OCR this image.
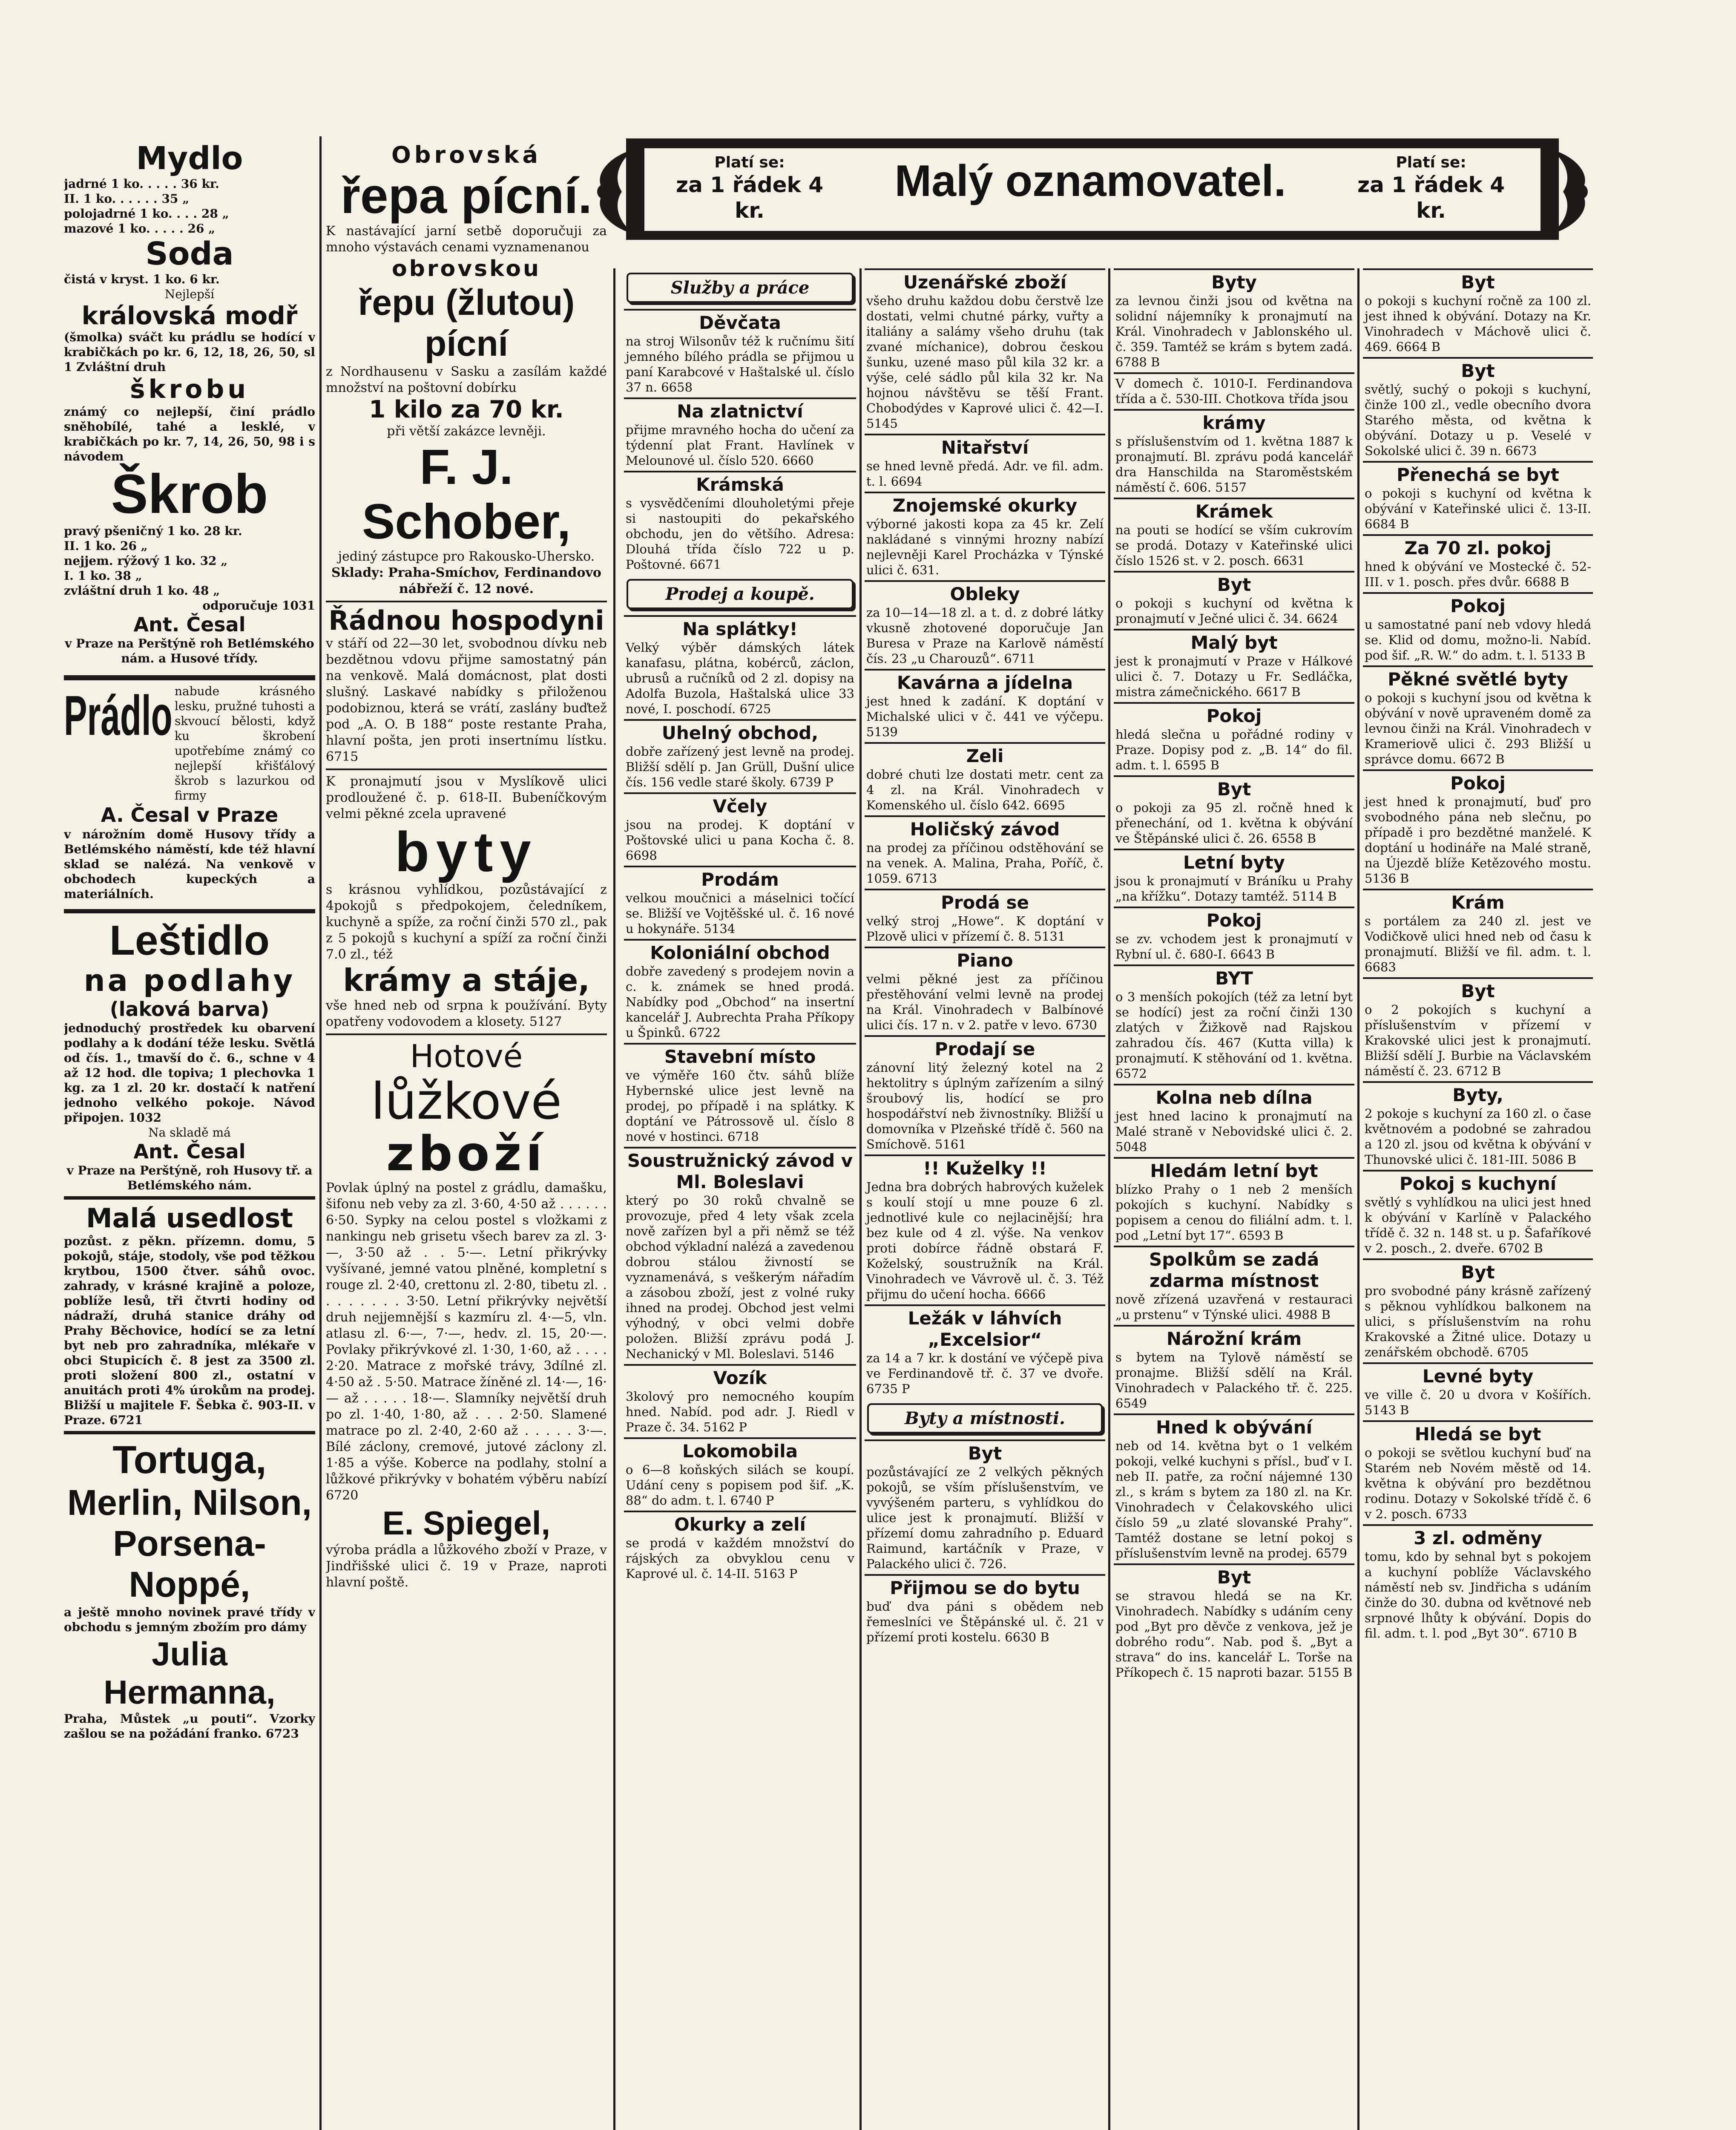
Platí se:
za 1 řádek 4 kr.
Malý oznamovatel.	Platí se:
za 1 řádek 4 kr.
Mydlo

jadrné 1 ko. . . . . 36 kr.

II. 1 ko. . . . . . 35 „

polojadrné 1 ko. . . . 28 „

mazové 1 ko. . . . . 26 „

Soda

čistá v kryst. 1 ko. 6 kr.

Nejlepší

královská modř

(šmolka) sváčt ku prádlu se hodící v krabičkách po kr. 6, 12, 18, 26, 50, sl 1 Zvláštní druh

škrobu

známý co nejlepší, činí prádlo sněhobílé, tahé a lesklé, v krabičkách po kr. 7, 14, 26, 50, 98 i s návodem

Škrob

pravý pšeničný 1 ko. 28 kr.

II. 1 ko. 26 „

nejjem. rýžový 1 ko. 32 „

I. 1 ko. 38 „

zvláštní druh 1 ko. 48 „

odporučuje 1031

Ant. Česal

v Praze na Perštýně roh Betlémského nám. a Husové třídy.

Prádlo nabude krásného lesku, pružné tuhosti a skvoucí bělosti, když ku škrobení upotřebíme známý co nejlepší křišťálový škrob s lazurkou od firmy

A. Česal v Praze

v nárožním domě Husovy třídy a Betlémského náměstí, kde též hlavní sklad se nalézá. Na venkově v obchodech kupeckých a materiálních.

Leštidlo
na podlahy
(laková barva)

jednoduchý prostředek ku obarvení podlahy a k dodání téže lesku. Světlá od čís. 1., tmavší do č. 6., schne v 4 až 12 hod. dle topiva; 1 plechovka 1 kg. za 1 zl. 20 kr. dostačí k natření jednoho velkého pokoje. Návod připojen. 1032

Na skladě má

Ant. Česal

v Praze na Perštýně, roh Husovy tř. a Betlémského nám.

Malá usedlost

pozůst. z pěkn. přízemn. domu, 5 pokojů, stáje, stodoly, vše pod těžkou krytbou, 1500 čtver. sáhů ovoc. zahrady, v krásné krajině a poloze, poblíže lesů, tři čtvrti hodiny od nádraží, druhá stanice dráhy od Prahy Běchovice, hodící se za letní byt neb pro zahradníka, mlékaře v obci Stupicích č. 8 jest za 3500 zl. proti složení 800 zl., ostatní v anuitách proti 4% úrokům na prodej. Bližší u majitele F. Šebka č. 903-II. v Praze. 6721

Tortuga,
Merlin, Nilson,
Porsena-Noppé,

a ještě mnoho novinek pravé třídy v obchodu s jemným zbožím pro dámy

Julia Hermanna,

Praha, Můstek „u pouti“. Vzorky zašlou se na požádání franko. 6723

Obrovská
řepa pícní.

K nastávající jarní setbě doporučuji za mnoho výstavách cenami vyznamenanou

obrovskou
řepu (žlutou) pícní

z Nordhausenu v Sasku a zasílám každé množství na poštovní dobírku

1 kilo za 70 kr.

při větší zakázce levněji.

F. J. Schober,

jediný zástupce pro Rakousko-Uhersko.

Sklady: Praha-Smíchov, Ferdinandovo nábřeží č. 12 nové.

Řádnou hospodyni

v stáří od 22—30 let, svobodnou dívku neb bezdětnou vdovu přijme samostatný pán na venkově. Malá domácnost, plat dosti slušný. Laskavé nabídky s přiloženou podobiznou, která se vrátí, zaslány buďtež pod „A. O. B 188“ poste restante Praha, hlavní pošta, jen proti insertnímu lístku. 6715

K pronajmutí jsou v Myslíkově ulici prodloužené č. p. 618-II. Bubeníčkovým velmi pěkné zcela upravené

byty

s krásnou vyhlídkou, pozůstávající z 4pokojů s předpokojem, čeledníkem, kuchyně a spíže, za roční činži 570 zl., pak z 5 pokojů s kuchyní a spíží za roční činži 7.0 zl., též

krámy a stáje,

vše hned neb od srpna k používání. Byty opatřeny vodovodem a klosety. 5127

Hotové
lůžkové
zboží

Povlak úplný na postel z grádlu, damašku, šifonu neb veby za zl. 3·60, 4·50 až . . . . . . 6·50. Sypky na celou postel s vložkami z nankingu neb grisetu všech barev za zl. 3·—, 3·50 až . . 5·—. Letní přikrývky vyšívané, jemné vatou plněné, kompletní s rouge zl. 2·40, crettonu zl. 2·80, tibetu zl. . . . . . . . . 3·50. Letní přikrývky největší druh nejjemnější s kazmíru zl. 4·—5, vln. atlasu zl. 6·—, 7·—, hedv. zl. 15, 20·—. Povlaky přikrývkové zl. 1·30, 1·60, až . . . . 2·20. Matrace z mořské trávy, 3dílné zl. 4·50 až . 5·50. Matrace žíněné zl. 14·—, 16·— až . . . . . 18·—. Slamníky největší druh po zl. 1·40, 1·80, až . . . 2·50. Slamené matrace po zl. 2·40, 2·60 až . . . . . 3·—. Bílé záclony, cremové, jutové záclony zl. 1·85 a výše. Koberce na podlahy, stolní a lůžkové přikrývky v bohatém výběru nabízí 6720

E. Spiegel,

výroba prádla a lůžkového zboží v Praze, v Jindřišské ulici č. 19 v Praze, naproti hlavní poště.

Služby a práce
Děvčata

na stroj Wilsonův též k ručnímu šití jemného bílého prádla se přijmou u paní Karabcové v Haštalské ul. číslo 37 n. 6658

Na zlatnictví

přijme mravného hocha do učení za týdenní plat Frant. Havlínek v Melounové ul. číslo 520. 6660

Krámská

s vysvědčeními dlouholetými přeje si nastoupiti do pekařského obchodu, jen do většího. Adresa: Dlouhá třída číslo 722 u p. Poštovné. 6671

Prodej a koupě.
Na splátky!

Velký výběr dámských látek kanafasu, plátna, kobérců, záclon, ubrusů a ručníků od 2 zl. dopisy na Adolfa Buzola, Haštalská ulice 33 nové, I. poschodí. 6725

Uhelný obchod,

dobře zařízený jest levně na prodej. Bližší sdělí p. Jan Grüll, Dušní ulice čís. 156 vedle staré školy. 6739 P

Včely

jsou na prodej. K doptání v Poštovské ulici u pana Kocha č. 8. 6698

Prodám

velkou moučnici a máselnici točící se. Bližší ve Vojtěšské ul. č. 16 nové u hokynáře. 5134

Koloniální obchod

dobře zavedený s prodejem novin a c. k. známek se hned prodá. Nabídky pod „Obchod“ na insertní kancelář J. Aubrechta Praha Příkopy u Špinků. 6722

Stavební místo

ve výměře 160 čtv. sáhů blíže Hybernské ulice jest levně na prodej, po případě i na splátky. K doptání ve Pátrossově ul. číslo 8 nové v hostinci. 6718

Soustružnický závod v Ml. Boleslavi

který po 30 roků chvalně se provozuje, před 4 lety však zcela nově zařízen byl a při němž se též obchod výkladní nalézá a zavedenou dobrou stálou živností se vyznamenává, s veškerým nářadím a zásobou zboží, jest z volné ruky ihned na prodej. Obchod jest velmi výhodný, v obci velmi dobře položen. Bližší zprávu podá J. Nechanický v Ml. Boleslavi. 5146

Vozík

3kolový pro nemocného koupím hned. Nabíd. pod adr. J. Riedl v Praze č. 34. 5162 P

Lokomobila

o 6—8 koňských silách se koupí. Udání ceny s popisem pod šif. „K. 88“ do adm. t. l. 6740 P

Okurky a zelí

se prodá v každém množství do rájských za obvyklou cenu v Kaprové ul. č. 14-II. 5163 P

Uzenářské zboží

všeho druhu každou dobu čerstvě lze dostati, velmi chutné párky, vuřty a italiány a salámy všeho druhu (tak zvané míchanice), dobrou českou šunku, uzené maso půl kila 32 kr. a výše, celé sádlo půl kila 32 kr. Na hojnou návštěvu se těší Frant. Chobodýdes v Kaprové ulici č. 42—I. 5145

Nitařství

se hned levně předá. Adr. ve fil. adm. t. l. 6694

Znojemské okurky

výborné jakosti kopa za 45 kr. Zelí nakládané s vinnými hrozny nabízí nejlevněji Karel Procházka v Týnské ulici č. 631.

Obleky

za 10—14—18 zl. a t. d. z dobré látky vkusně zhotovené doporučuje Jan Buresa v Praze na Karlově náměstí čís. 23 „u Charouzů“. 6711

Kavárna a jídelna

jest hned k zadání. K doptání v Michalské ulici v č. 441 ve výčepu. 5139

Zeli

dobré chuti lze dostati metr. cent za 4 zl. na Král. Vinohradech v Komenského ul. číslo 642. 6695

Holičský závod

na prodej za příčinou odstěhování se na venek. A. Malina, Praha, Poříč, č. 1059. 6713

Prodá se

velký stroj „Howe“. K doptání v Plzově ulici v přízemí č. 8. 5131

Piano

velmi pěkné jest za příčinou přestěhování velmi levně na prodej na Král. Vinohradech v Balbínové ulici čís. 17 n. v 2. patře v levo. 6730

Prodají se

zánovní litý železný kotel na 2 hektolitry s úplným zařízením a silný šroubový lis, hodící se pro hospodářství neb živnostníky. Bližší u domovníka v Plzeňské třídě č. 560 na Smíchově. 5161

!! Kuželky !!

Jedna bra dobrých habrových kuželek s koulí stojí u mne pouze 6 zl. jednotlivé kule co nejlacinější; hra bez kule od 4 zl. výše. Na venkov proti dobírce řádně obstará F. Koželský, soustružník na Král. Vinohradech ve Vávrově ul. č. 3. Též přijmu do učení hocha. 6666

Ležák v láhvích „Excelsior“

za 14 a 7 kr. k dostání ve výčepě piva ve Ferdinandově tř. č. 37 ve dvoře. 6735 P

Byty a místnosti.
Byt

pozůstávající ze 2 velkých pěkných pokojů, se vším příslušenstvím, ve vyvýšeném parteru, s vyhlídkou do ulice jest k pronajmutí. Bližší v přízemí domu zahradního p. Eduard Raimund, kartáčník v Praze, v Palackého ulici č. 726.

Přijmou se do bytu

buď dva páni s obědem neb řemeslníci ve Štěpánské ul. č. 21 v přízemí proti kostelu. 6630 B

Byty

za levnou činži jsou od května na solidní nájemníky k pronajmutí na Král. Vinohradech v Jablonského ul. č. 359. Tamtéž se krám s bytem zadá. 6788 B

V domech č. 1010-I. Ferdinandova třída a č. 530-III. Chotkova třída jsou

krámy

s příslušenstvím od 1. května 1887 k pronajmutí. Bl. zprávu podá kancelář dra Hanschilda na Staroměstském náměstí č. 606. 5157

Krámek

na pouti se hodící se vším cukrovím se prodá. Dotazy v Kateřinské ulici číslo 1526 st. v 2. posch. 6631

Byt

o pokoji s kuchyní od května k pronajmutí v Ječné ulici č. 34. 6624

Malý byt

jest k pronajmutí v Praze v Hálkové ulici č. 7. Dotazy u Fr. Sedláčka, mistra zámečnického. 6617 B

Pokoj

hledá slečna u pořádné rodiny v Praze. Dopisy pod z. „B. 14“ do fil. adm. t. l. 6595 B

Byt

o pokoji za 95 zl. ročně hned k přenechání, od 1. května k obývání ve Štěpánské ulici č. 26. 6558 B

Letní byty

jsou k pronajmutí v Bráníku u Prahy „na křížku“. Dotazy tamtéž. 5114 B

Pokoj

se zv. vchodem jest k pronajmutí v Rybní ul. č. 680-I. 6643 B

BYT

o 3 menších pokojích (též za letní byt se hodící) jest za roční činži 130 zlatých v Žižkově nad Rajskou zahradou čís. 467 (Kutta villa) k pronajmutí. K stěhování od 1. května. 6572

Kolna neb dílna

jest hned lacino k pronajmutí na Malé straně v Nebovidské ulici č. 2. 5048

Hledám letní byt

blízko Prahy o 1 neb 2 menších pokojích s kuchyní. Nabídky s popisem a cenou do filiální adm. t. l. pod „Letní byt 17“. 6593 B

Spolkům se zadá zdarma místnost

nově zřízená uzavřená v restauraci „u prstenu“ v Týnské ulici. 4988 B

Nárožní krám

s bytem na Tylově náměstí se pronajme. Bližší sdělí na Král. Vinohradech v Palackého tř. č. 225. 6549

Hned k obývání

neb od 14. května byt o 1 velkém pokoji, velké kuchyni s přísl., buď v I. neb II. patře, za roční nájemné 130 zl., s krám s bytem za 180 zl. na Kr. Vinohradech v Čelakovského ulici číslo 59 „u zlaté slovanské Prahy“. Tamtéž dostane se letní pokoj s příslušenstvím levně na prodej. 6579

Byt

se stravou hledá se na Kr. Vinohradech. Nabídky s udáním ceny pod „Byt pro děvče z venkova, jež je dobrého rodu“. Nab. pod š. „Byt a strava“ do ins. kancelář L. Torše na Příkopech č. 15 naproti bazar. 5155 B

Byt

o pokoji s kuchyní ročně za 100 zl. jest ihned k obývání. Dotazy na Kr. Vinohradech v Máchově ulici č. 469. 6664 B

Byt

světlý, suchý o pokoji s kuchyní, činže 100 zl., vedle obecního dvora Starého města, od května k obývání. Dotazy u p. Veselé v Sokolské ulici č. 39 n. 6673

Přenechá se byt

o pokoji s kuchyní od května k obývání v Kateřinské ulici č. 13-II. 6684 B

Za 70 zl. pokoj

hned k obývání ve Mostecké č. 52-III. v 1. posch. přes dvůr. 6688 B

Pokoj

u samostatné paní neb vdovy hledá se. Klid od domu, možno-li. Nabíd. pod šif. „R. W.“ do adm. t. l. 5133 B

Pěkné světlé byty

o pokoji s kuchyní jsou od května k obývání v nově upraveném domě za levnou činži na Král. Vinohradech v Krameriově ulici č. 293 Bližší u správce domu. 6672 B

Pokoj

jest hned k pronajmutí, buď pro svobodného pána neb slečnu, po případě i pro bezdětné manželé. K doptání u hodináře na Malé straně, na Újezdě blíže Ketězového mostu. 5136 B

Krám

s portálem za 240 zl. jest ve Vodičkově ulici hned neb od času k pronajmutí. Bližší ve fil. adm. t. l. 6683

Byt

o 2 pokojích s kuchyní a příslušenstvím v přízemí v Krakovské ulici jest k pronajmutí. Bližší sdělí J. Burbie na Václavském náměstí č. 23. 6712 B

Byty,

2 pokoje s kuchyní za 160 zl. o čase květnovém a podobné se zahradou a 120 zl. jsou od května k obývání v Thunovské ulici č. 181-III. 5086 B

Pokoj s kuchyní

světlý s vyhlídkou na ulici jest hned k obývání v Karlíně v Palackého třídě č. 32 n. 148 st. u p. Šafaříkové v 2. posch., 2. dveře. 6702 B

Byt

pro svobodné pány krásně zařízený s pěknou vyhlídkou balkonem na ulici, s příslušenstvím na rohu Krakovské a Žitné ulice. Dotazy u zenářském obchodě. 6705

Levné byty

ve ville č. 20 u dvora v Košířích. 5143 B

Hledá se byt

o pokoji se světlou kuchyní buď na Starém neb Novém městě od 14. května k obývání pro bezdětnou rodinu. Dotazy v Sokolské třídě č. 6 v 2. posch. 6733

3 zl. odměny

tomu, kdo by sehnal byt s pokojem a kuchyní poblíže Václavského náměstí neb sv. Jindřicha s udáním činže do 30. dubna od květnové neb srpnové lhůty k obývání. Dopis do fil. adm. t. l. pod „Byt 30“. 6710 B
